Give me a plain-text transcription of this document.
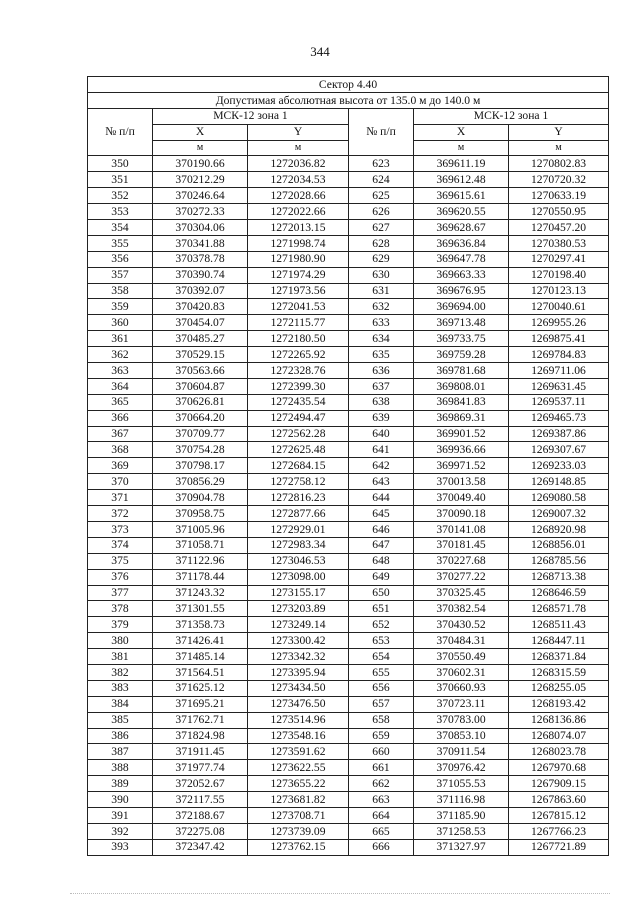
344
Сектор 4.40					
Допустимая абсолютная высота от 135.0 м до 140.0 м					
№ п/п	МСК-12 зона 1		№ п/п	МСК-12 зона 1	
	X	Y		X	Y
	м	м		м	м
350	370190.66	1272036.82	623	369611.19	1270802.83
351	370212.29	1272034.53	624	369612.48	1270720.32
352	370246.64	1272028.66	625	369615.61	1270633.19
353	370272.33	1272022.66	626	369620.55	1270550.95
354	370304.06	1272013.15	627	369628.67	1270457.20
355	370341.88	1271998.74	628	369636.84	1270380.53
356	370378.78	1271980.90	629	369647.78	1270297.41
357	370390.74	1271974.29	630	369663.33	1270198.40
358	370392.07	1271973.56	631	369676.95	1270123.13
359	370420.83	1272041.53	632	369694.00	1270040.61
360	370454.07	1272115.77	633	369713.48	1269955.26
361	370485.27	1272180.50	634	369733.75	1269875.41
362	370529.15	1272265.92	635	369759.28	1269784.83
363	370563.66	1272328.76	636	369781.68	1269711.06
364	370604.87	1272399.30	637	369808.01	1269631.45
365	370626.81	1272435.54	638	369841.83	1269537.11
366	370664.20	1272494.47	639	369869.31	1269465.73
367	370709.77	1272562.28	640	369901.52	1269387.86
368	370754.28	1272625.48	641	369936.66	1269307.67
369	370798.17	1272684.15	642	369971.52	1269233.03
370	370856.29	1272758.12	643	370013.58	1269148.85
371	370904.78	1272816.23	644	370049.40	1269080.58
372	370958.75	1272877.66	645	370090.18	1269007.32
373	371005.96	1272929.01	646	370141.08	1268920.98
374	371058.71	1272983.34	647	370181.45	1268856.01
375	371122.96	1273046.53	648	370227.68	1268785.56
376	371178.44	1273098.00	649	370277.22	1268713.38
377	371243.32	1273155.17	650	370325.45	1268646.59
378	371301.55	1273203.89	651	370382.54	1268571.78
379	371358.73	1273249.14	652	370430.52	1268511.43
380	371426.41	1273300.42	653	370484.31	1268447.11
381	371485.14	1273342.32	654	370550.49	1268371.84
382	371564.51	1273395.94	655	370602.31	1268315.59
383	371625.12	1273434.50	656	370660.93	1268255.05
384	371695.21	1273476.50	657	370723.11	1268193.42
385	371762.71	1273514.96	658	370783.00	1268136.86
386	371824.98	1273548.16	659	370853.10	1268074.07
387	371911.45	1273591.62	660	370911.54	1268023.78
388	371977.74	1273622.55	661	370976.42	1267970.68
389	372052.67	1273655.22	662	371055.53	1267909.15
390	372117.55	1273681.82	663	371116.98	1267863.60
391	372188.67	1273708.71	664	371185.90	1267815.12
392	372275.08	1273739.09	665	371258.53	1267766.23
393	372347.42	1273762.15	666	371327.97	1267721.89
